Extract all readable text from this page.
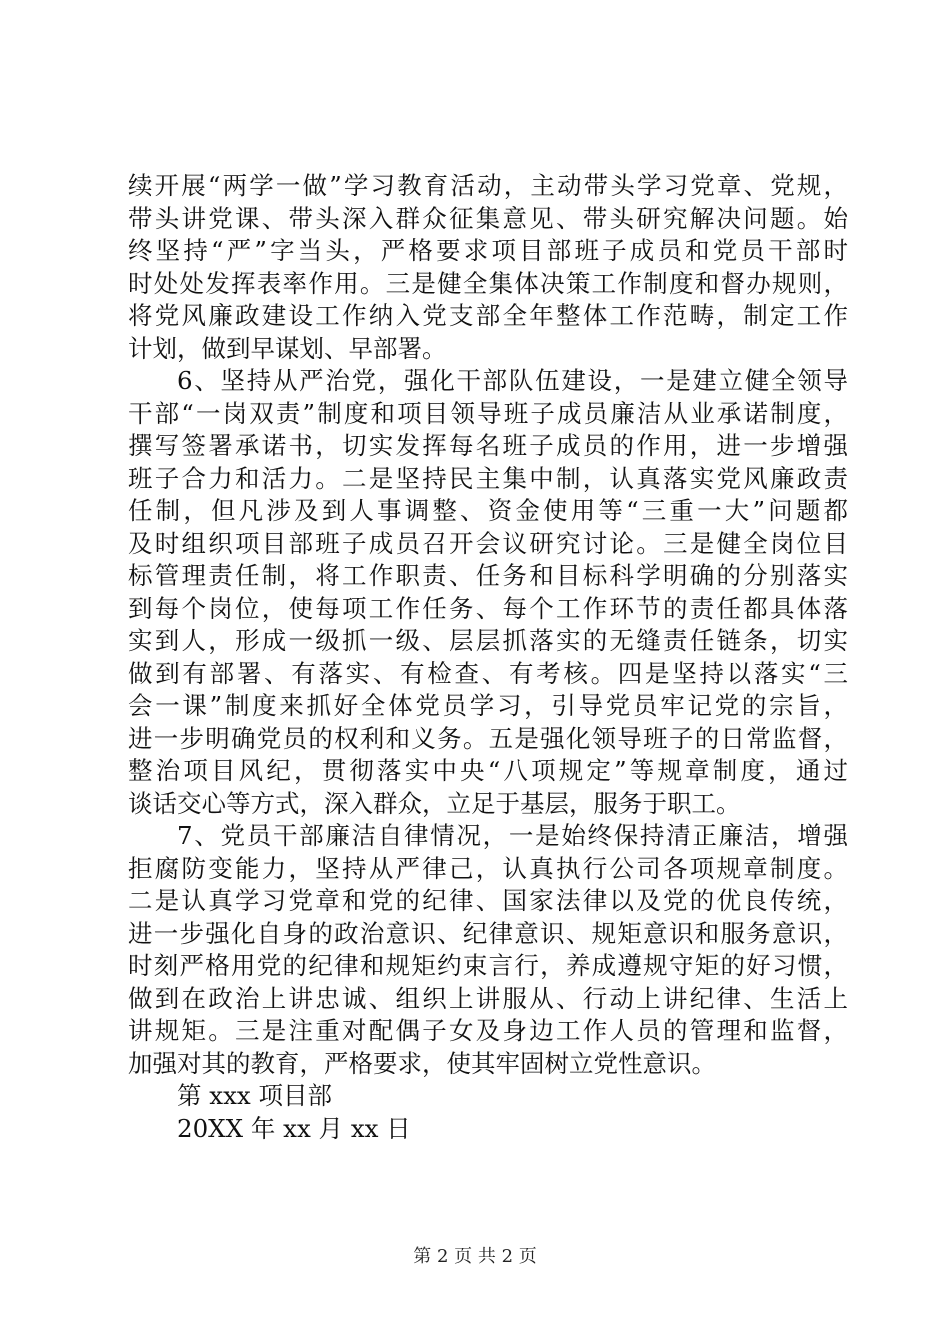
续开展“两学一做”学习教育活动，主动带头学习党章、党规，
带头讲党课、带头深入群众征集意见、带头研究解决问题。始
终坚持“严”字当头，严格要求项目部班子成员和党员干部时
时处处发挥表率作用。三是健全集体决策工作制度和督办规则，
将党风廉政建设工作纳入党支部全年整体工作范畴，制定工作
计划，做到早谋划、早部署。
6、坚持从严治党，强化干部队伍建设，一是建立健全领导
干部“一岗双责”制度和项目领导班子成员廉洁从业承诺制度，
撰写签署承诺书，切实发挥每名班子成员的作用，进一步增强
班子合力和活力。二是坚持民主集中制，认真落实党风廉政责
任制，但凡涉及到人事调整、资金使用等“三重一大”问题都
及时组织项目部班子成员召开会议研究讨论。三是健全岗位目
标管理责任制，将工作职责、任务和目标科学明确的分别落实
到每个岗位，使每项工作任务、每个工作环节的责任都具体落
实到人，形成一级抓一级、层层抓落实的无缝责任链条，切实
做到有部署、有落实、有检查、有考核。四是坚持以落实“三
会一课”制度来抓好全体党员学习，引导党员牢记党的宗旨，
进一步明确党员的权利和义务。五是强化领导班子的日常监督，
整治项目风纪，贯彻落实中央“八项规定”等规章制度，通过
谈话交心等方式，深入群众，立足于基层，服务于职工。
7、党员干部廉洁自律情况，一是始终保持清正廉洁，增强
拒腐防变能力，坚持从严律己，认真执行公司各项规章制度。
二是认真学习党章和党的纪律、国家法律以及党的优良传统，
进一步强化自身的政治意识、纪律意识、规矩意识和服务意识，
时刻严格用党的纪律和规矩约束言行，养成遵规守矩的好习惯，
做到在政治上讲忠诚、组织上讲服从、行动上讲纪律、生活上
讲规矩。三是注重对配偶子女及身边工作人员的管理和监督，
加强对其的教育，严格要求，使其牢固树立党性意识。
第 xxx 项目部
20XX 年 xx 月 xx 日
第 2 页 共 2 页
